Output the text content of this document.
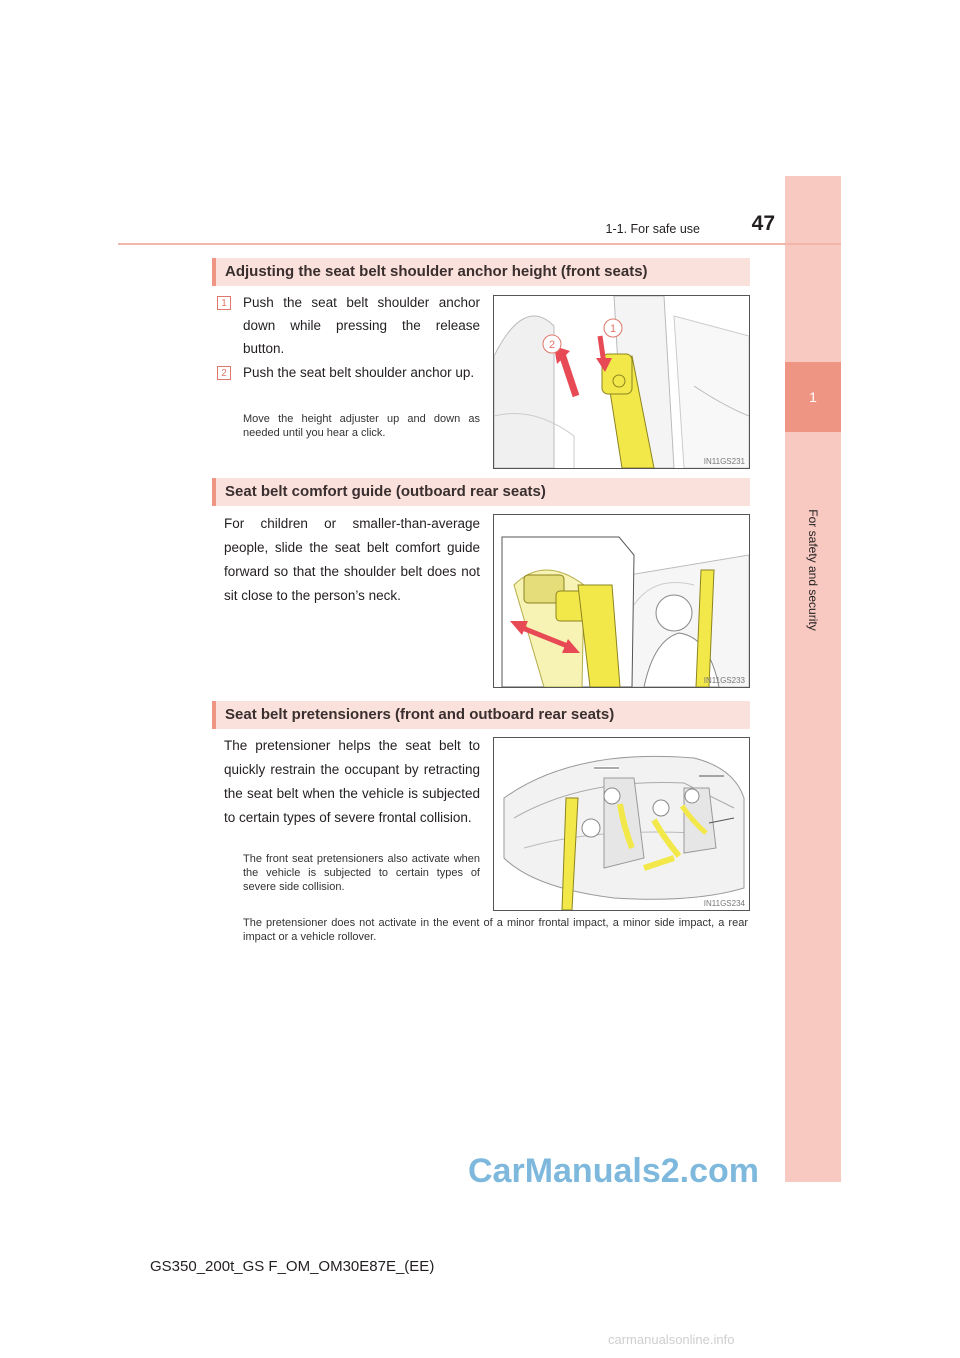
1
For safety and security
1-1. For safe use	47
Adjusting the seat belt shoulder anchor height (front seats)
1	Push the seat belt shoulder anchor down while pressing the release button.
2	Push the seat belt shoulder anchor up.
Move the height adjuster up and down as needed until you hear a click.
1
2
IN11GS231
Seat belt comfort guide (outboard rear seats)
For children or smaller-than-average people, slide the seat belt comfort guide forward so that the shoulder belt does not sit close to the person’s neck.
IN11GS233
Seat belt pretensioners (front and outboard rear seats)
The pretensioner helps the seat belt to quickly restrain the occupant by retracting the seat belt when the vehicle is subjected to certain types of severe frontal collision.
The front seat pretensioners also activate when the vehicle is subjected to certain types of severe side collision.
IN11GS234
The pretensioner does not activate in the event of a minor frontal impact, a minor side impact, a rear impact or a vehicle rollover.
CarManuals2.com
GS350_200t_GS F_OM_OM30E87E_(EE)
carmanualsonline.info
